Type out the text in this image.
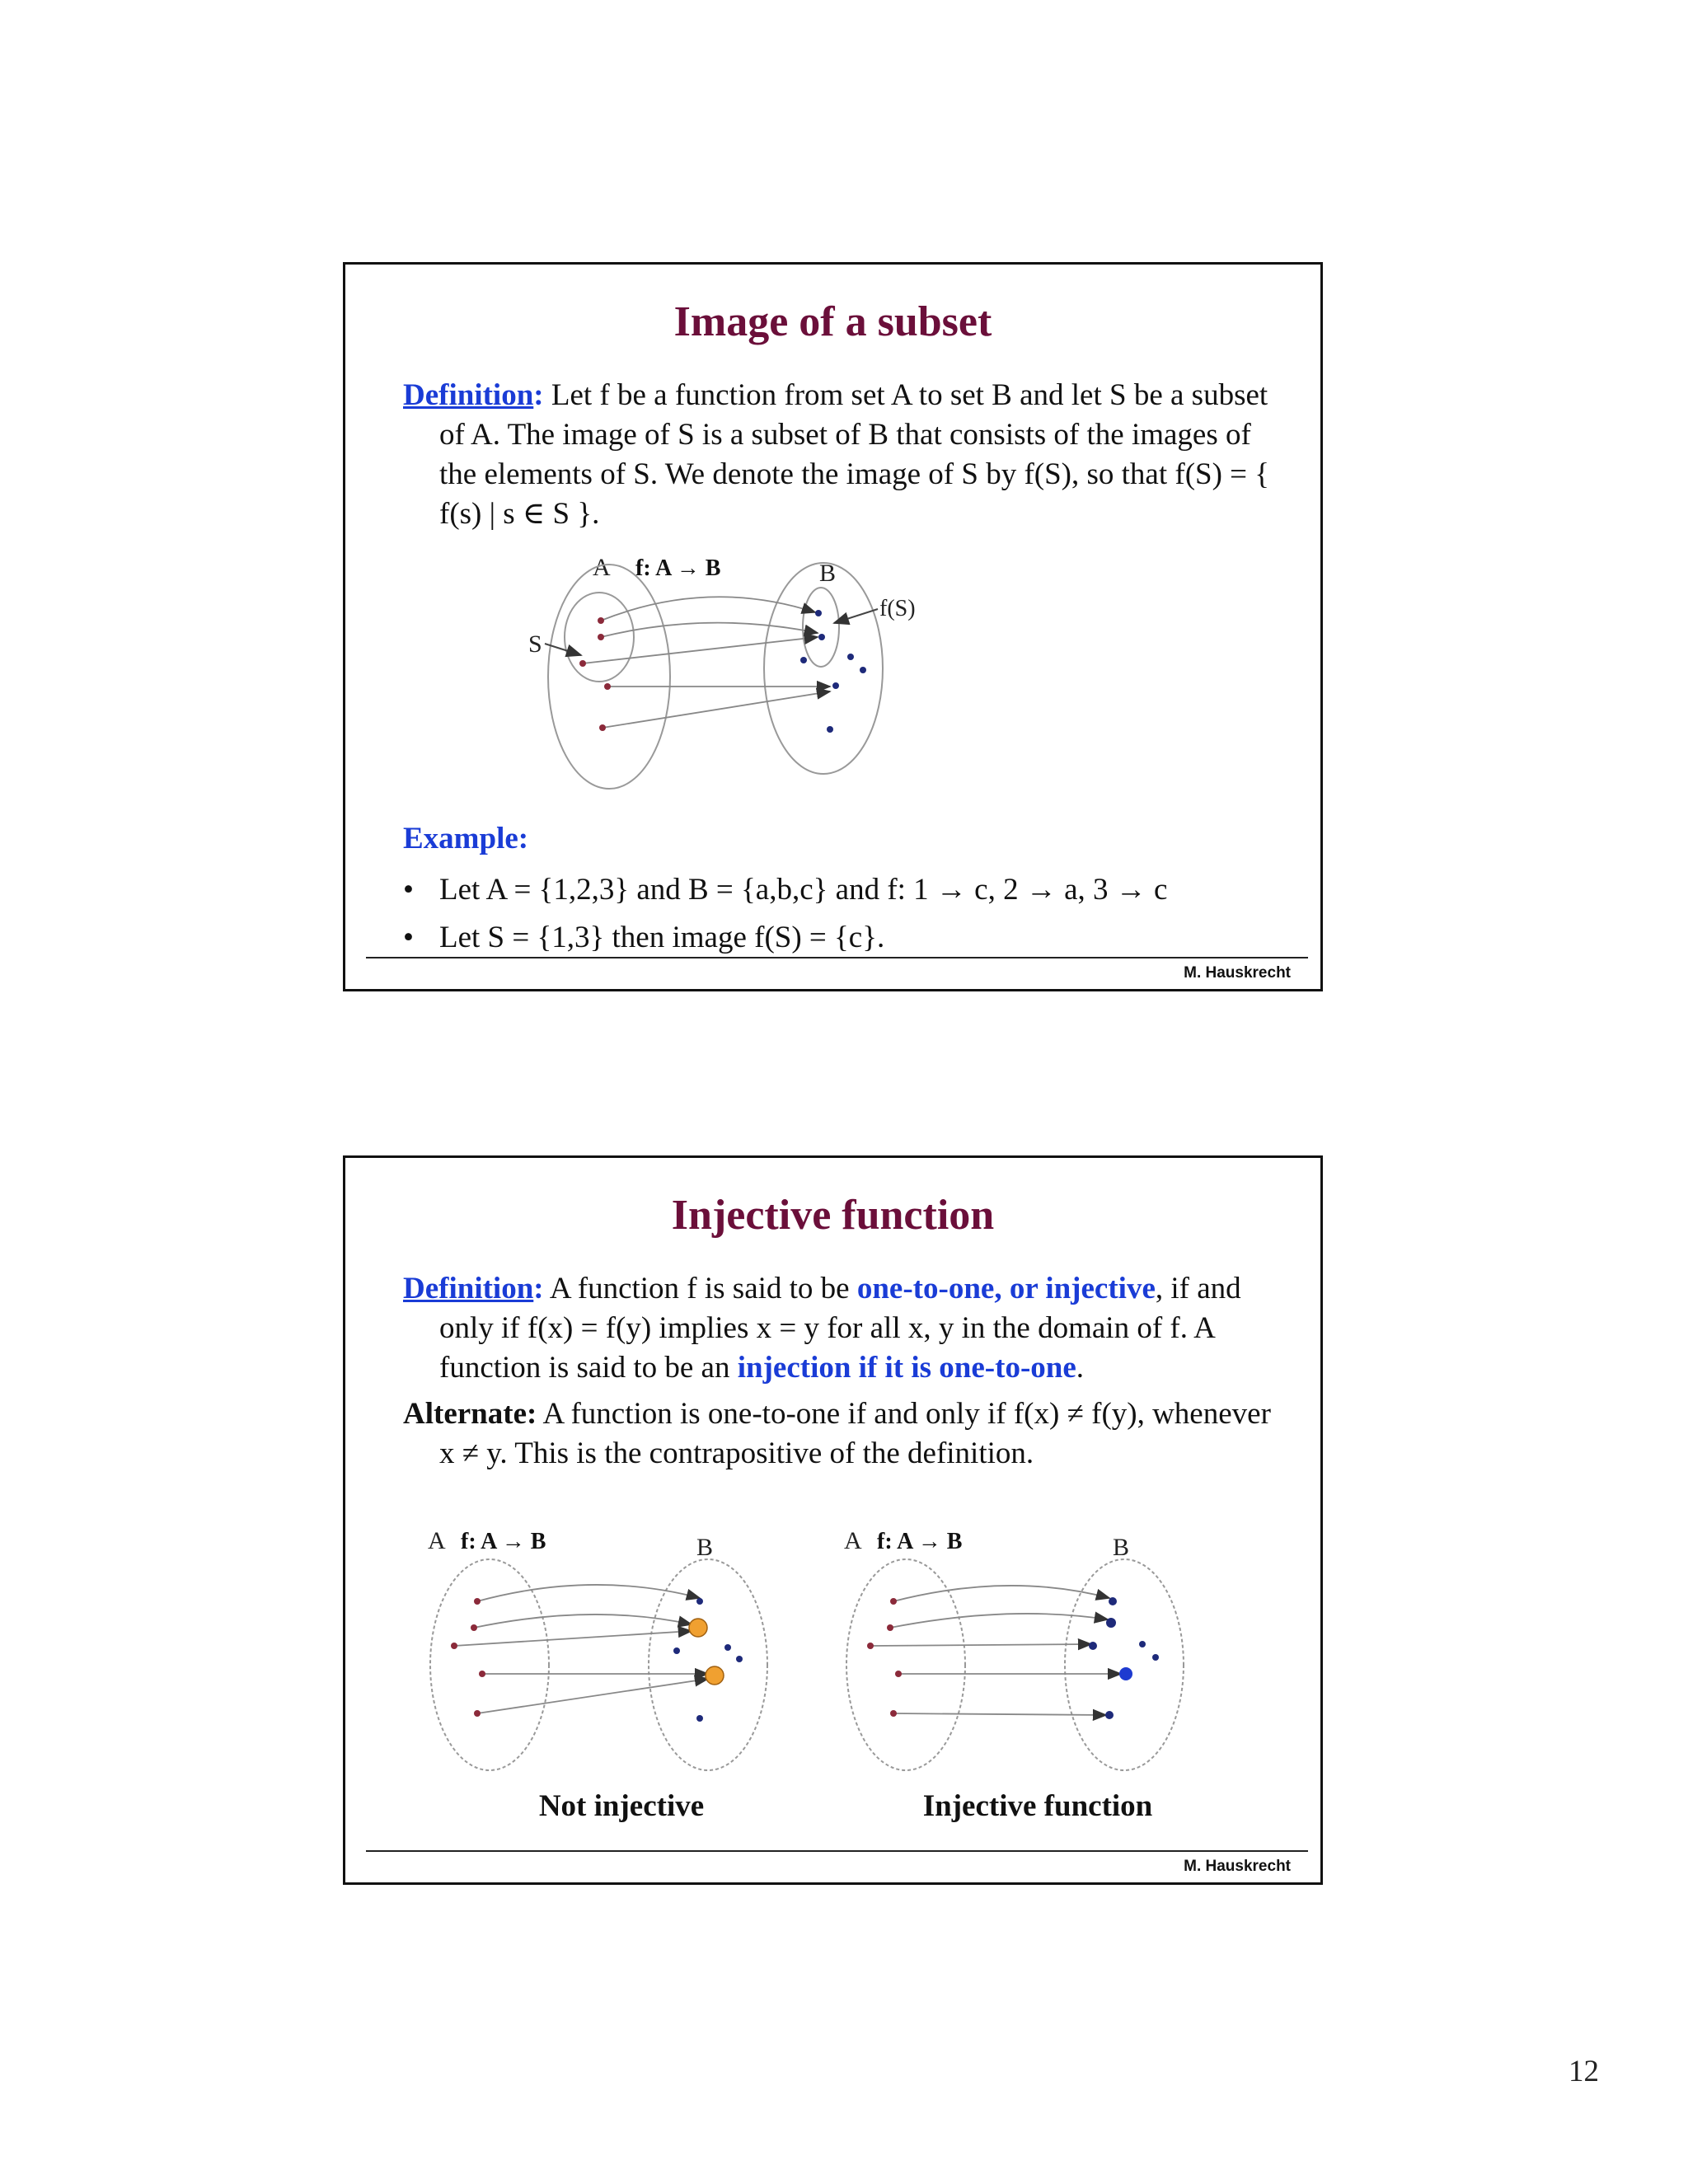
Image of a subset
Definition: Let f be a function from set A to set B and let S be a subset of A. The image of S is a subset of B that consists of the images of the elements of S. We denote the image of S by f(S), so that f(S) = { f(s) | s ∈ S }.
A f: A → B	B
f(S)
S
Example:
• Let A = {1,2,3} and B = {a,b,c} and f: 1 → c, 2 → a, 3 → c
• Let S = {1,3} then image f(S) = {c}.
M. Hauskrecht
Injective function
Definition: A function f is said to be one-to-one, or injective, if and only if f(x) = f(y) implies x = y for all x, y in the domain of f. A function is said to be an injection if it is one-to-one.
Alternate: A function is one-to-one if and only if f(x) ≠ f(y), whenever x ≠ y. This is the contrapositive of the definition.
A f: A → B	B	A f: A → B	B
Not injective	Injective function
M. Hauskrecht
12
